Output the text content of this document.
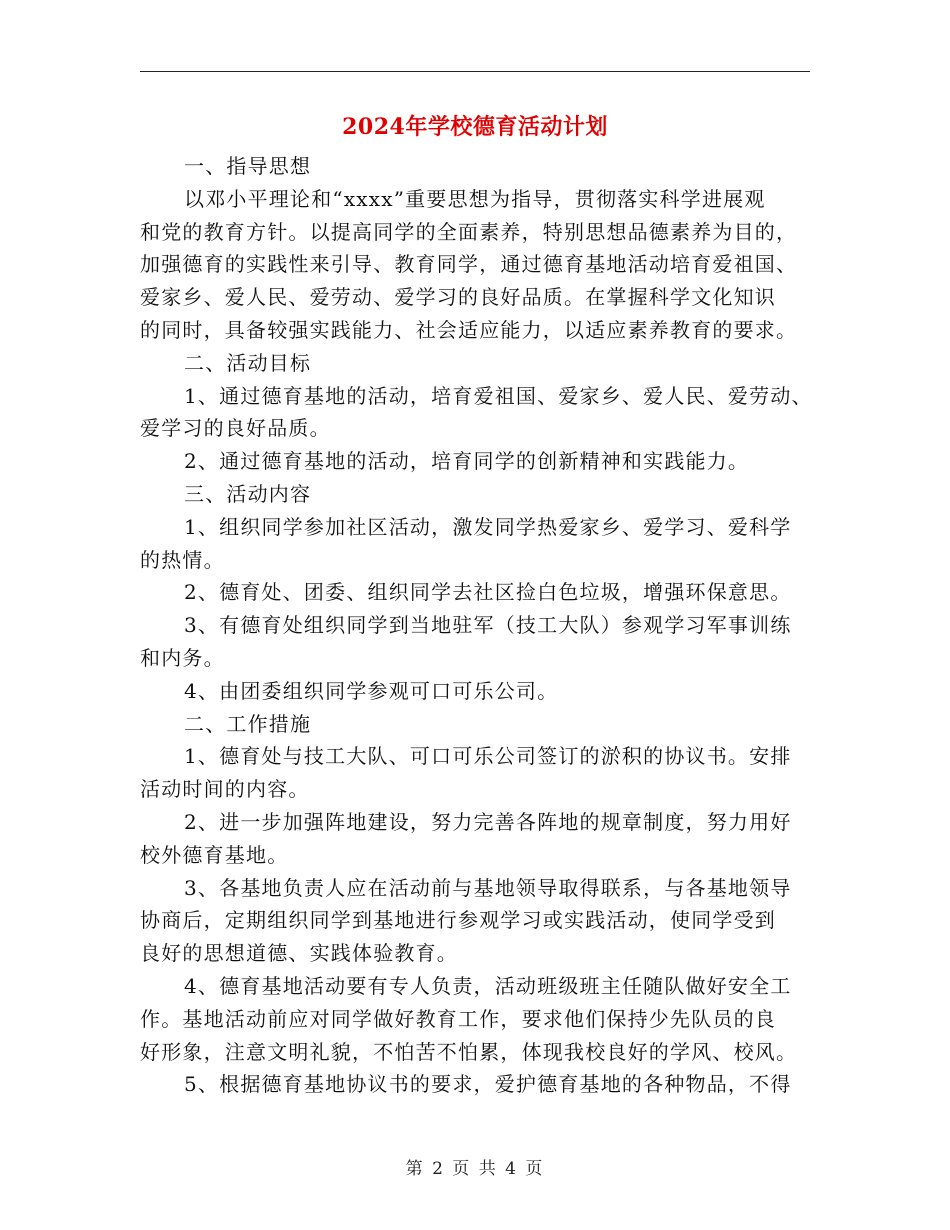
2024年学校德育活动计划
一、指导思想
以邓小平理论和“xxxx”重要思想为指导，贯彻落实科学进展观
和党的教育方针。以提高同学的全面素养，特别思想品德素养为目的，
加强德育的实践性来引导、教育同学，通过德育基地活动培育爱祖国、
爱家乡、爱人民、爱劳动、爱学习的良好品质。在掌握科学文化知识
的同时，具备较强实践能力、社会适应能力，以适应素养教育的要求。
二、活动目标
1、通过德育基地的活动，培育爱祖国、爱家乡、爱人民、爱劳动、
爱学习的良好品质。
2、通过德育基地的活动，培育同学的创新精神和实践能力。
三、活动内容
1、组织同学参加社区活动，激发同学热爱家乡、爱学习、爱科学
的热情。
2、德育处、团委、组织同学去社区捡白色垃圾，增强环保意思。
3、有德育处组织同学到当地驻军（技工大队）参观学习军事训练
和内务。
4、由团委组织同学参观可口可乐公司。
二、工作措施
1、德育处与技工大队、可口可乐公司签订的淤积的协议书。安排
活动时间的内容。
2、进一步加强阵地建设，努力完善各阵地的规章制度，努力用好
校外德育基地。
3、各基地负责人应在活动前与基地领导取得联系，与各基地领导
协商后，定期组织同学到基地进行参观学习或实践活动，使同学受到
良好的思想道德、实践体验教育。
4、德育基地活动要有专人负责，活动班级班主任随队做好安全工
作。基地活动前应对同学做好教育工作，要求他们保持少先队员的良
好形象，注意文明礼貌，不怕苦不怕累，体现我校良好的学风、校风。
5、根据德育基地协议书的要求，爱护德育基地的各种物品，不得
第 2 页 共 4 页
